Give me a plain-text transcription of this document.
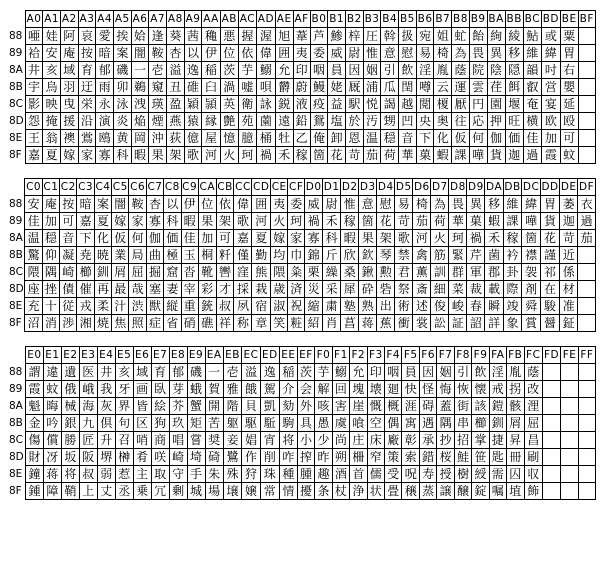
	A0	A1	A2	A3	A4	A5	A6	A7	A8	A9	AA	AB	AC	AD	AE	AF	B0	B1	B2	B3	B4	B5	B6	B7	B8	B9	BA	BB	BC	BD	BE	BF
88	唖	娃	阿	哀	愛	挨	姶	逢	葵	茜	穐	悪	握	渥	旭	葦	芦	鯵	梓	圧	斡	扱	宛	姐	虻	飴	絢	綾	鮎	或	粟	
89	袷	安	庵	按	暗	案	闇	鞍	杏	以	伊	位	依	偉	囲	夷	委	威	尉	惟	意	慰	易	椅	為	畏	異	移	維	緯	胃	
8A	井	亥	域	育	郁	磯	一	壱	溢	逸	稲	茨	芋	鰯	允	印	咽	員	因	姻	引	飲	淫	胤	蔭	院	陰	隠	韻	吋	右	
8B	宇	烏	羽	迂	雨	卯	鵜	窺	丑	碓	臼	渦	嘘	唄	欝	蔚	鰻	姥	厩	浦	瓜	閏	噂	云	運	雲	荏	餌	叡	営	嬰	
8C	影	映	曳	栄	永	泳	洩	瑛	盈	穎	頴	英	衛	詠	鋭	液	疫	益	駅	悦	謁	越	閲	榎	厭	円	園	堰	奄	宴	延	
8D	怨	掩	援	沿	演	炎	焔	煙	燕	猿	縁	艶	苑	薗	遠	鉛	鴛	塩	於	汚	甥	凹	央	奥	往	応	押	旺	横	欧	殴	
8E	王	翁	襖	鴬	鴎	黄	岡	沖	荻	億	屋	憶	臆	桶	牡	乙	俺	卸	恩	温	穏	音	下	化	仮	何	伽	価	佳	加	可	
8F	嘉	夏	嫁	家	寡	科	暇	果	架	歌	河	火	珂	禍	禾	稼	箇	花	苛	茄	荷	華	菓	蝦	課	嘩	貨	迦	過	霞	蚊	
	C0	C1	C2	C3	C4	C5	C6	C7	C8	C9	CA	CB	CC	CD	CE	CF	D0	D1	D2	D3	D4	D5	D6	D7	D8	D9	DA	DB	DC	DD	DE	DF
88	安	庵	按	暗	案	闇	鞍	杏	以	伊	位	依	偉	囲	夷	委	威	尉	惟	意	慰	易	椅	為	畏	異	移	維	緯	胃	萎	衣
89	佳	加	可	嘉	夏	嫁	家	寡	科	暇	果	架	歌	河	火	珂	禍	禾	稼	箇	花	苛	茄	荷	華	菓	蝦	課	嘩	貨	迦	過
8A	温	穏	音	下	化	仮	何	伽	価	佳	加	可	嘉	夏	嫁	家	寡	科	暇	果	架	歌	河	火	珂	禍	禾	稼	箇	花	苛	茄
8B	驚	仰	凝	尭	暁	業	局	曲	極	玉	桐	粁	僅	勤	均	巾	錦	斤	欣	欽	琴	禁	禽	筋	緊	芹	菌	衿	襟	謹	近	
8C	隈	隅	崎	櫛	釧	屑	屈	掘	窟	沓	靴	轡	窪	熊	隈	粂	栗	繰	桑	鍬	勲	君	薫	訓	群	軍	郡	卦	袈	祁	係	
8D	座	挫	債	催	再	最	哉	塞	妻	宰	彩	才	採	栽	歳	済	災	采	犀	砕	砦	祭	斎	細	菜	裁	載	際	剤	在	材	
8E	充	十	従	戎	柔	汁	渋	獣	縦	重	銃	叔	夙	宿	淑	祝	縮	粛	塾	熟	出	術	述	俊	峻	春	瞬	竣	舜	駿	准	
8F	沼	消	渉	湘	焼	焦	照	症	省	硝	礁	祥	称	章	笑	粧	紹	肖	菖	蒋	蕉	衝	裳	訟	証	詔	詳	象	賞	醤	鉦	
	E0	E1	E2	E3	E4	E5	E6	E7	E8	E9	EA	EB	EC	ED	EE	EF	F0	F1	F2	F3	F4	F5	F6	F7	F8	F9	FA	FB	FC	FD	FE	FF
88	謂	違	遺	医	井	亥	域	育	郁	磯	一	壱	溢	逸	稲	茨	芋	鰯	允	印	咽	員	因	姻	引	飲	淫	胤	蔭			
89	霞	蚊	俄	峨	我	牙	画	臥	芽	蛾	賀	雅	餓	駕	介	会	解	回	塊	壊	廻	快	怪	悔	恢	懐	戒	拐	改			
8A	魁	晦	械	海	灰	界	皆	絵	芥	蟹	開	階	貝	凱	劾	外	咳	害	崖	慨	概	涯	碍	蓋	街	該	鎧	骸	浬			
8B	金	吟	銀	九	倶	句	区	狗	玖	矩	苦	躯	駆	駈	駒	具	愚	虞	喰	空	偶	寓	遇	隅	串	櫛	釧	屑	屈			
8C	傷	償	勝	匠	升	召	哨	商	唱	嘗	奨	妾	娼	宵	将	小	少	尚	庄	床	廠	彰	承	抄	招	掌	捷	昇	昌			
8D	財	冴	坂	阪	堺	榊	肴	咲	崎	埼	碕	鷺	作	削	咋	搾	昨	朔	柵	窄	策	索	錯	桜	鮭	笹	匙	冊	刷			
8E	鐘	蒋	将	叔	弱	惹	主	取	守	手	朱	殊	狩	珠	種	腫	趣	酒	首	儒	受	呪	寿	授	樹	綬	需	囚	収			
8F	鍾	障	鞘	上	丈	丞	乗	冗	剰	城	場	壌	嬢	常	情	擾	条	杖	浄	状	畳	穣	蒸	譲	醸	錠	嘱	埴	飾			
